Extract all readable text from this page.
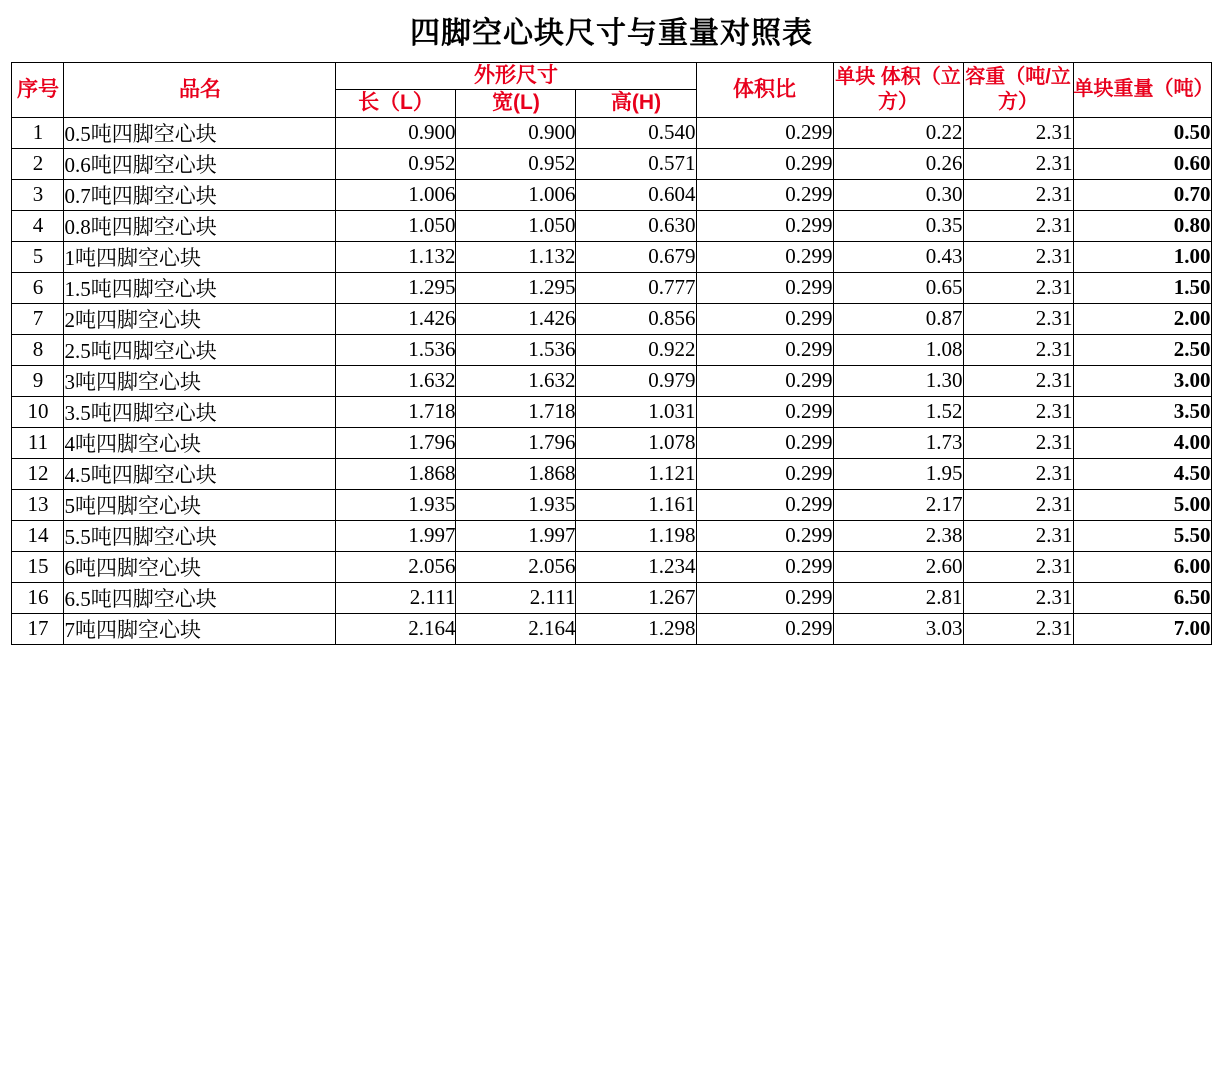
四脚空心块尺寸与重量对照表
序号	品名	外形尺寸			体积比	单块 体积（立方）	容重（吨/立方）	单块重量（吨）
		长（L）	宽(L)	高(H)				
1	0.5吨四脚空心块	0.900	0.900	0.540	0.299	0.22	2.31	0.50
2	0.6吨四脚空心块	0.952	0.952	0.571	0.299	0.26	2.31	0.60
3	0.7吨四脚空心块	1.006	1.006	0.604	0.299	0.30	2.31	0.70
4	0.8吨四脚空心块	1.050	1.050	0.630	0.299	0.35	2.31	0.80
5	1吨四脚空心块	1.132	1.132	0.679	0.299	0.43	2.31	1.00
6	1.5吨四脚空心块	1.295	1.295	0.777	0.299	0.65	2.31	1.50
7	2吨四脚空心块	1.426	1.426	0.856	0.299	0.87	2.31	2.00
8	2.5吨四脚空心块	1.536	1.536	0.922	0.299	1.08	2.31	2.50
9	3吨四脚空心块	1.632	1.632	0.979	0.299	1.30	2.31	3.00
10	3.5吨四脚空心块	1.718	1.718	1.031	0.299	1.52	2.31	3.50
11	4吨四脚空心块	1.796	1.796	1.078	0.299	1.73	2.31	4.00
12	4.5吨四脚空心块	1.868	1.868	1.121	0.299	1.95	2.31	4.50
13	5吨四脚空心块	1.935	1.935	1.161	0.299	2.17	2.31	5.00
14	5.5吨四脚空心块	1.997	1.997	1.198	0.299	2.38	2.31	5.50
15	6吨四脚空心块	2.056	2.056	1.234	0.299	2.60	2.31	6.00
16	6.5吨四脚空心块	2.111	2.111	1.267	0.299	2.81	2.31	6.50
17	7吨四脚空心块	2.164	2.164	1.298	0.299	3.03	2.31	7.00
